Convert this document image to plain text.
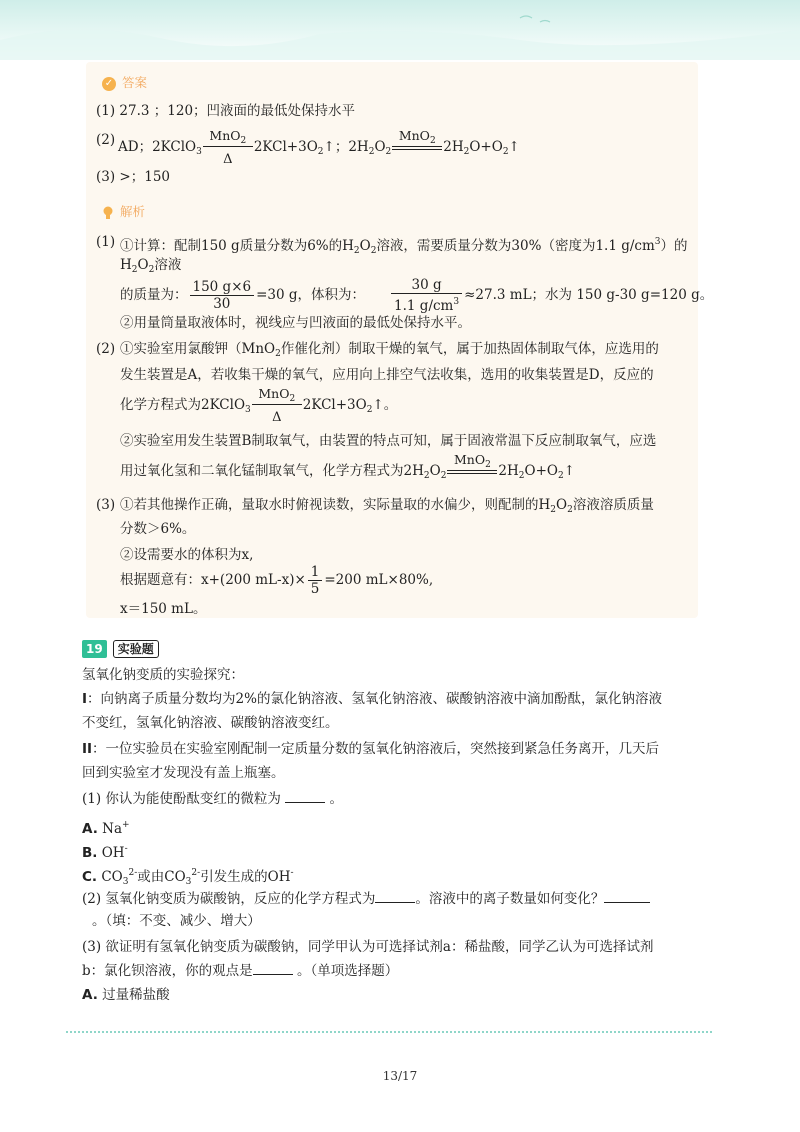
✓ 答案
(1) 27.3 ；120；凹液面的最低处保持水平
(2) AD；2KClO$_3$
MnO$_2$
Δ
$2KCl+3O_2↑$；$2H_2O_2$
MnO$_2$ $2H_2O+O_2↑$
(3) >；150
解析
(1) ①计算：配制150 g质量分数为6%的$H_2O_2$溶液，需要质量分数为30%（密度为1.1 $g/cm^3$）的
$H_2O_2$溶液
的质量为： $\frac{150 g\times 6}{30} =30$ g，体积为： $\frac{30 g}{1.1 g/cm^3} \approx 27.3$ mL；水为 150 g-30 g=120 g。
②用量筒量取液体时，视线应与凹液面的最低处保持水平。
(2) ①实验室用氯酸钾（MnO$_2$作催化剂）制取干燥的氧气，属于加热固体制取气体，应选用的
发生装置是A，若收集干燥的氧气，应用向上排空气法收集，选用的收集装置是D，反应的
化学方程式为2KClO$_3$
MnO$_2$
Δ
$2KCl+3O_2↑$。
②实验室用发生装置B制取氧气，由装置的特点可知，属于固液常温下反应制取氧气，应选
用过氧化氢和二氧化锰制取氧气，化学方程式为$2H_2O_2$
MnO$_2$ $2H_2O+O_2↑$
(3) ①若其他操作正确，量取水时俯视读数，实际量取的水偏少，则配制的$H_2O_2$溶液溶质质量
分数＞6%。
②设需要水的体积为x,
根据题意有：x+(200 $mL-x)\times \frac{1}{5} =200$ mL×80%,
x＝150 mL。
19 实验题
氢氧化钠变质的实验探究：
I：向钠离子质量分数均为2%的氯化钠溶液、氢氧化钠溶液、碳酸钠溶液中滴加酚酞，氯化钠溶液
不变红，氢氧化钠溶液、碳酸钠溶液变红。
II：一位实验员在实验室刚配制一定质量分数的氢氧化钠溶液后，突然接到紧急任务离开，几天后
回到实验室才发现没有盖上瓶塞。
(1) 你认为能使酚酞变红的微粒为	。
A. Na+
B. OH-
C. $CO_3^{2-}$或由$CO_3^{2-}$引发生成的OH-
(2) 氢氧化钠变质为碳酸钠，反应的化学方程式为	。溶液中的离子数量如何变化？
。（填：不变、减少、增大）
(3) 欲证明有氢氧化钠变质为碳酸钠，同学甲认为可选择试剂a：稀盐酸，同学乙认为可选择试剂
b：氯化钡溶液，你的观点是	。（单项选择题）
A. 过量稀盐酸
13/17
